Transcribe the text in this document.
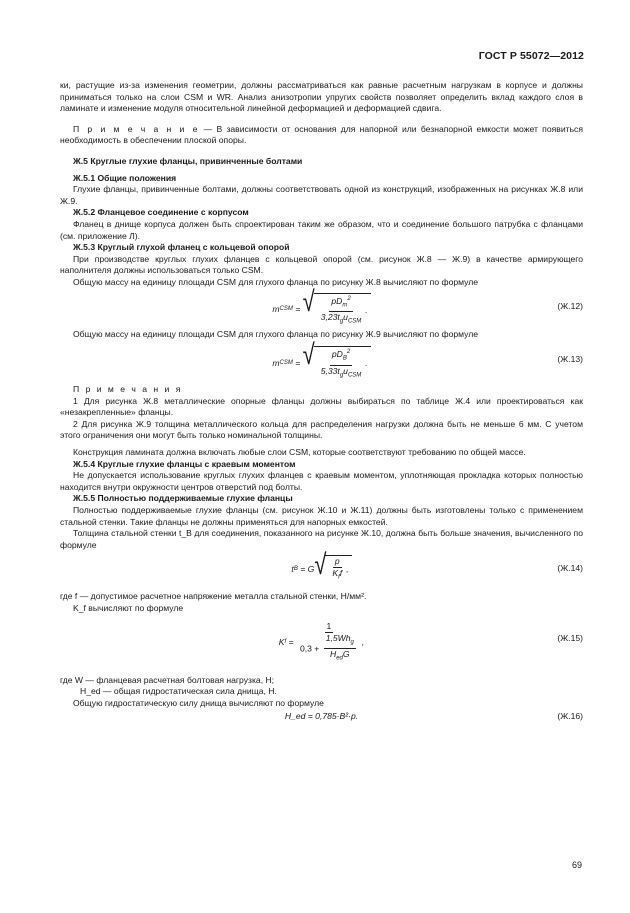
ГОСТ Р 55072—2012

ки, растущие из-за изменения геометрии, должны рассматриваться как равные расчетным нагрузкам в корпусе и должны приниматься только на слои CSM и WR. Анализ анизотропии упругих свойств позволяет определить вклад каждого слоя в ламинате и изменение модуля относительной линейной деформацией и деформацией сдвига.

П р и м е ч а н и е — В зависимости от основания для напорной или безнапорной емкости может появиться необходимость в обеспечении плоской опоры.

Ж.5 Круглые глухие фланцы, привинченные болтами

Ж.5.1 Общие положения

Глухие фланцы, привинченные болтами, должны соответствовать одной из конструкций, изображенных на рисунках Ж.8 или Ж.9.

Ж.5.2 Фланцевое соединение с корпусом

Фланец в днище корпуса должен быть спроектирован таким же образом, что и соединение большого патрубка с фланцами (см. приложение Л).

Ж.5.3 Круглый глухой фланец с кольцевой опорой

При производстве круглых глухих фланцев с кольцевой опорой (см. рисунок Ж.8 — Ж.9) в качестве армирующего наполнителя должны использоваться только CSM.

Общую массу на единицу площади CSM для глухого фланца по рисунку Ж.8 вычисляют по формуле

m CSM = √ $\frac{pD_m^2}{3,23t_gu_{CSM}}$ .	(Ж.12)

Общую массу на единицу площади CSM для глухого фланца по рисунку Ж.9 вычисляют по формуле

m CSM = √ $\frac{pD_B^2}{5,33t_gu_{CSM}}$ .	(Ж.13)

П р и м е ч а н и я

1 Для рисунка Ж.8 металлические опорные фланцы должны выбираться по таблице Ж.4 или проектироваться как «незакрепленные» фланцы.

2 Для рисунка Ж.9 толщина металлического кольца для распределения нагрузки должна быть не меньше 6 мм. С учетом этого ограничения они могут быть только номинальной толщины.

Конструкция ламината должна включать любые слои CSM, которые соответствуют требованию по общей массе.

Ж.5.4 Круглые глухие фланцы с краевым моментом

Не допускается использование круглых глухих фланцев с краевым моментом, уплотняющая прокладка которых полностью находится внутри окружности центров отверстий под болты.

Ж.5.5 Полностью поддерживаемые глухие фланцы

Полностью поддерживаемые глухие фланцы (см. рисунок Ж.10 и Ж.11) должны быть изготовлены только с применением стальной стенки. Такие фланцы не должны применяться для напорных емкостей.

Толщина стальной стенки t_B для соединения, показанного на рисунке Ж.10, должна быть больше значения, вычисленного по формуле

t B = G √ $\frac{p}{K_ff}$ ,	(Ж.14)

где f — допустимое расчетное напряжение металла стальной стенки, Н/мм².

K_f вычисляют по формуле

K $f = \frac{1}{0,3 + \frac{1,5Wh_g}{H_{ed}G}}$ ,	(Ж.15)

где W — фланцевая расчетная болтовая нагрузка, Н;

H_ed — общая гидростатическая сила днища, Н.

Общую гидростатическую силу днища вычисляют по формуле

H_ed = 0,785·B²·p.	(Ж.16)
69
